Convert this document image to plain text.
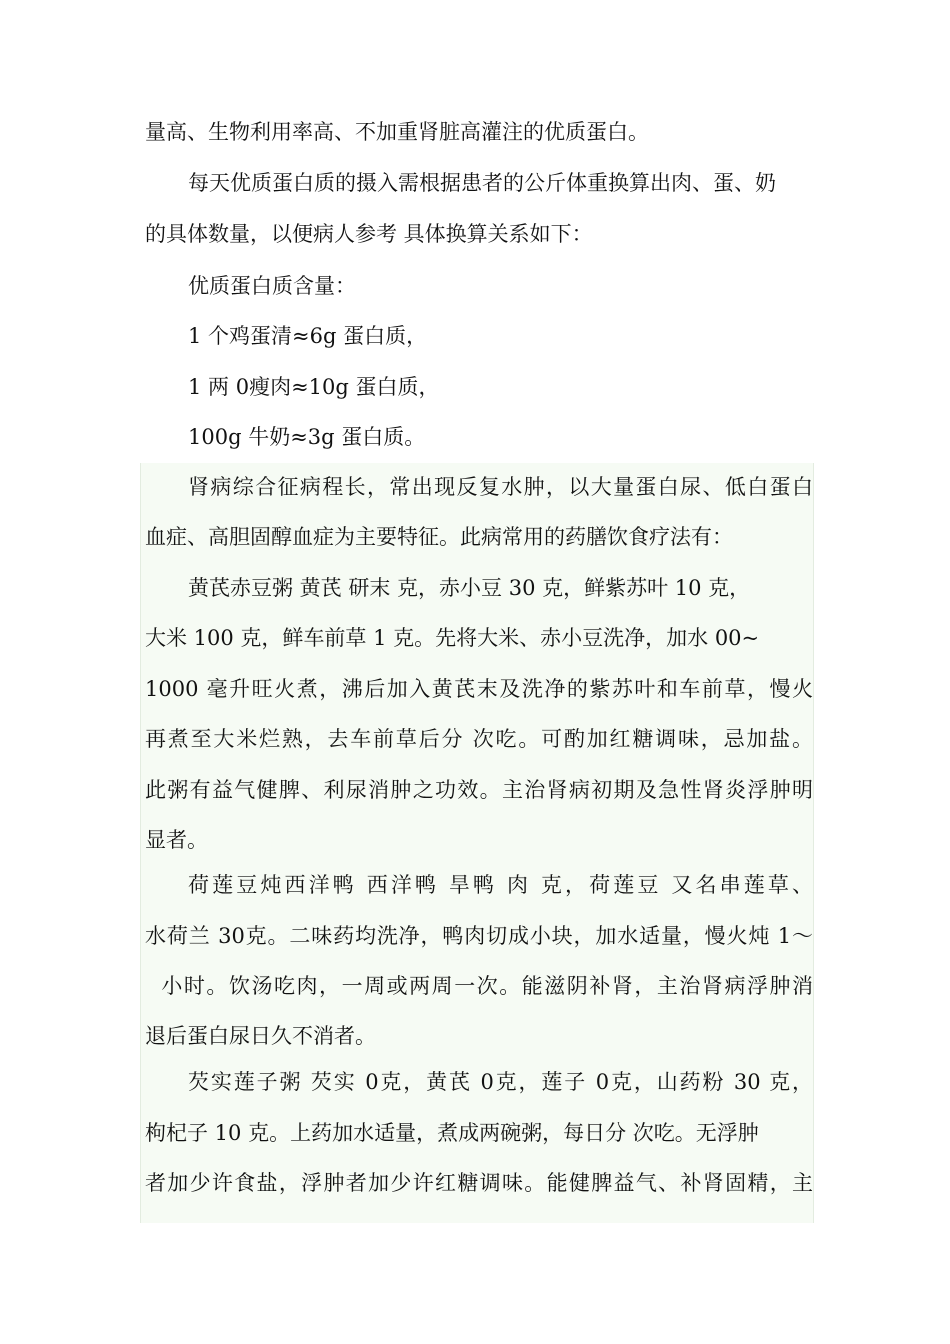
量高、生物利用率高、不加重肾脏高灌注的优质蛋白。
每天优质蛋白质的摄入需根据患者的公斤体重换算出肉、蛋、奶
的具体数量，以便病人参考 具体换算关系如下：
优质蛋白质含量：
1 个鸡蛋清≈6g 蛋白质，
1 两 0瘦肉≈10g 蛋白质，
100g 牛奶≈3g 蛋白质。
肾病综合征病程长，常出现反复水肿，以大量蛋白尿、低白蛋白
血症、高胆固醇血症为主要特征。此病常用的药膳饮食疗法有：
黄芪赤豆粥 黄芪 研末 克，赤小豆 30 克，鲜紫苏叶 10 克，
大米 100 克，鲜车前草 1 克。先将大米、赤小豆洗净，加水 00~
1000 毫升旺火煮，沸后加入黄芪末及洗净的紫苏叶和车前草，慢火
再煮至大米烂熟，去车前草后分 次吃。可酌加红糖调味，忌加盐。
此粥有益气健脾、利尿消肿之功效。主治肾病初期及急性肾炎浮肿明
显者。
荷莲豆炖西洋鸭 西洋鸭 旱鸭 肉 克，荷莲豆 又名串莲草、
水荷兰 30克。二味药均洗净，鸭肉切成小块，加水适量，慢火炖 1～
小时。饮汤吃肉，一周或两周一次。能滋阴补肾，主治肾病浮肿消
退后蛋白尿日久不消者。
芡实莲子粥 芡实 0克，黄芪 0克，莲子 0克，山药粉 30 克，
枸杞子 10 克。上药加水适量，煮成两碗粥，每日分 次吃。无浮肿
者加少许食盐，浮肿者加少许红糖调味。能健脾益气、补肾固精，主
